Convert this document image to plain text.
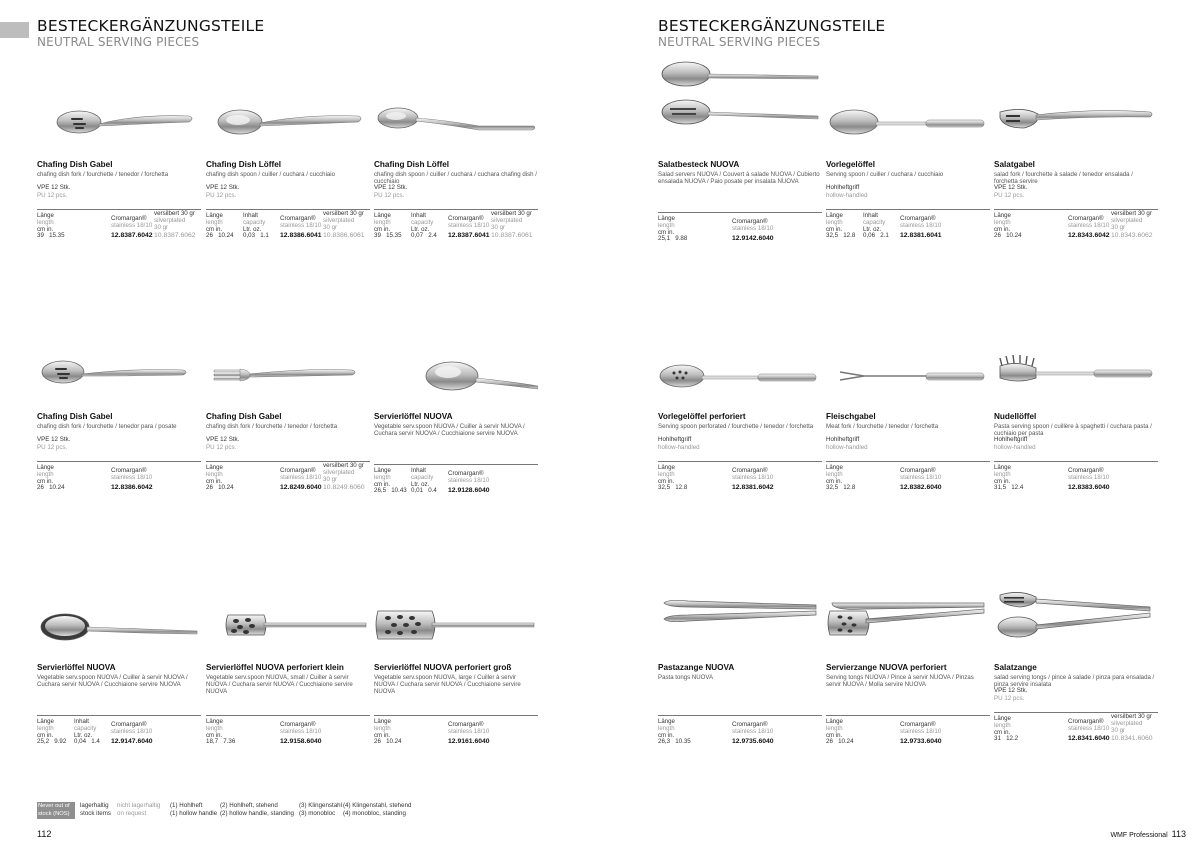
BESTECKERGÄNZUNGSTEILE
NEUTRAL SERVING PIECES
Chafing Dish Gabel
chafing dish fork / fourchette / tenedor / forchetta
VPE 12 Stk.
PU 12 pcs.
Länge
length
cm in.
39 15.35
Cromargan®
stainless 18/10
12.8387.6042
versilbert 30 gr
silverplated
30 gr
10.8387.6062
Chafing Dish Löffel
chafing dish spoon / cuiller / cuchara / cucchiaio
VPE 12 Stk.
PU 12 pcs.
Länge
length
cm in.
Inhalt
capacity
Ltr. oz.
0,03 1.1
26 10.24
Cromargan®
stainless 18/10
12.8386.6041
versilbert 30 gr
silverplated
30 gr
10.8386.6061
Chafing Dish Löffel
chafing dish spoon / cuiller / cuchara / cuchara chafing dish / cucchiaio
VPE 12 Stk.
PU 12 pcs.
Länge
length
cm in.
Inhalt
capacity
Ltr. oz.
0,07 2.4
39 15.35
Cromargan®
stainless 18/10
12.8387.6041
versilbert 30 gr
silverplated
30 gr
10.8387.6061
Chafing Dish Gabel
chafing dish fork / fourchette / tenedor para / posate
VPE 12 Stk.
PU 12 pcs.
Länge
length
cm in.
26 10.24
Cromargan®
stainless 18/10
12.8386.6042
Chafing Dish Gabel
chafing dish fork / fourchette / tenedor / forchetta
VPE 12 Stk.
PU 12 pcs.
Länge
length
cm in.
26 10.24
Cromargan®
stainless 18/10
12.8249.6040
versilbert 30 gr
silverplated
30 gr
10.8249.6060
Servierlöffel NUOVA
Vegetable serv.spoon NUOVA / Cuiller à servir NUOVA / Cuchara servir NUOVA / Cucchiaione servire NUOVA
Länge
length
cm in.
Inhalt
capacity
Ltr. oz.
0,01 0.4
26,5 10.43
Cromargan®
stainless 18/10
12.9128.6040
Servierlöffel NUOVA
Vegetable serv.spoon NUOVA / Cuiller à servir NUOVA / Cuchara servir NUOVA / Cucchiaione servire NUOVA
Länge
length
cm in.
Inhalt
capacity
Ltr. oz.
0,04 1.4
25,2 9.92
Cromargan®
stainless 18/10
12.9147.6040
Servierlöffel NUOVA perforiert klein
Vegetable serv.spoon NUOVA, small / Cuiller à servir NUOVA / Cuchara servir NUOVA / Cucchiaione servire NUOVA
Länge
length
cm in.
18,7 7.36
Cromargan®
stainless 18/10
12.9158.6040
Servierlöffel NUOVA perforiert groß
Vegetable serv.spoon NUOVA, large / Cuiller à servir NUOVA / Cuchara servir NUOVA / Cucchiaione servire NUOVA
Länge
length
cm in.
26 10.24
Cromargan®
stainless 18/10
12.9161.6040
Never out of
stock (NOS)
lagerhaltig
stock items
nicht lagerhaltig
on request
(1) Hohlheft
(1) hollow handle
(2) Hohlheft, stehend
(2) hollow handle, standing
(3) Klingenstahl
(3) monobloc
(4) Klingenstahl, stehend
(4) monobloc, standing
112
BESTECKERGÄNZUNGSTEILE
NEUTRAL SERVING PIECES
Salatbesteck NUOVA
Salad servers NUOVA / Couvert à salade NUOVA / Cubierto ensalada NUOVA / Paio posate per insalata NUOVA
Länge
length
cm in.
25,1 9.88
Cromargan®
stainless 18/10
12.9142.6040
Vorlegelöffel
Serving spoon / cuiller / cuchara / cucchiaio
Hohlheftgriff
hollow-handled
Länge
length
cm in.
Inhalt
capacity
Ltr. oz.
0,06 2.1
32,5 12.8
Cromargan®
stainless 18/10
12.8381.6041
Salatgabel
salad fork / fourchette à salade / tenedor ensalada / forchetta servire
VPE 12 Stk.
PU 12 pcs.
Länge
length
cm in.
26 10.24
Cromargan®
stainless 18/10
12.8343.6042
versilbert 30 gr
silverplated
30 gr
10.8343.6062
Vorlegelöffel perforiert
Serving spoon perforated / fourchette / tenedor / forchetta
Hohlheftgriff
hollow-handled
Länge
length
cm in.
32,5 12.8
Cromargan®
stainless 18/10
12.8381.6042
Fleischgabel
Meat fork / fourchette / tenedor / forchetta
Hohlheftgriff
hollow-handled
Länge
length
cm in.
32,5 12.8
Cromargan®
stainless 18/10
12.8382.6040
Nudellöffel
Pasta serving spoon / cuillère à spaghetti / cuchara pasta / cuchiaio per pasta
Hohlheftgriff
hollow-handled
Länge
length
cm in.
31,5 12.4
Cromargan®
stainless 18/10
12.8383.6040
Pastazange NUOVA
Pasta tongs NUOVA
Länge
length
cm in.
26,3 10.35
Cromargan®
stainless 18/10
12.9735.6040
Servierzange NUOVA perforiert
Serving tongs NUOVA / Pince à servir NUOVA / Pinzas servir NUOVA / Molla servire NUOVA
Länge
length
cm in.
26 10.24
Cromargan®
stainless 18/10
12.9733.6040
Salatzange
salad serving tongs / pince à salade / pinza para ensalada / pinza servire insalata
VPE 12 Stk.
PU 12 pcs.
Länge
length
cm in.
31 12.2
Cromargan®
stainless 18/10
12.8341.6040
versilbert 30 gr
silverplated
30 gr
10.8341.6060
WMF Professional 113
